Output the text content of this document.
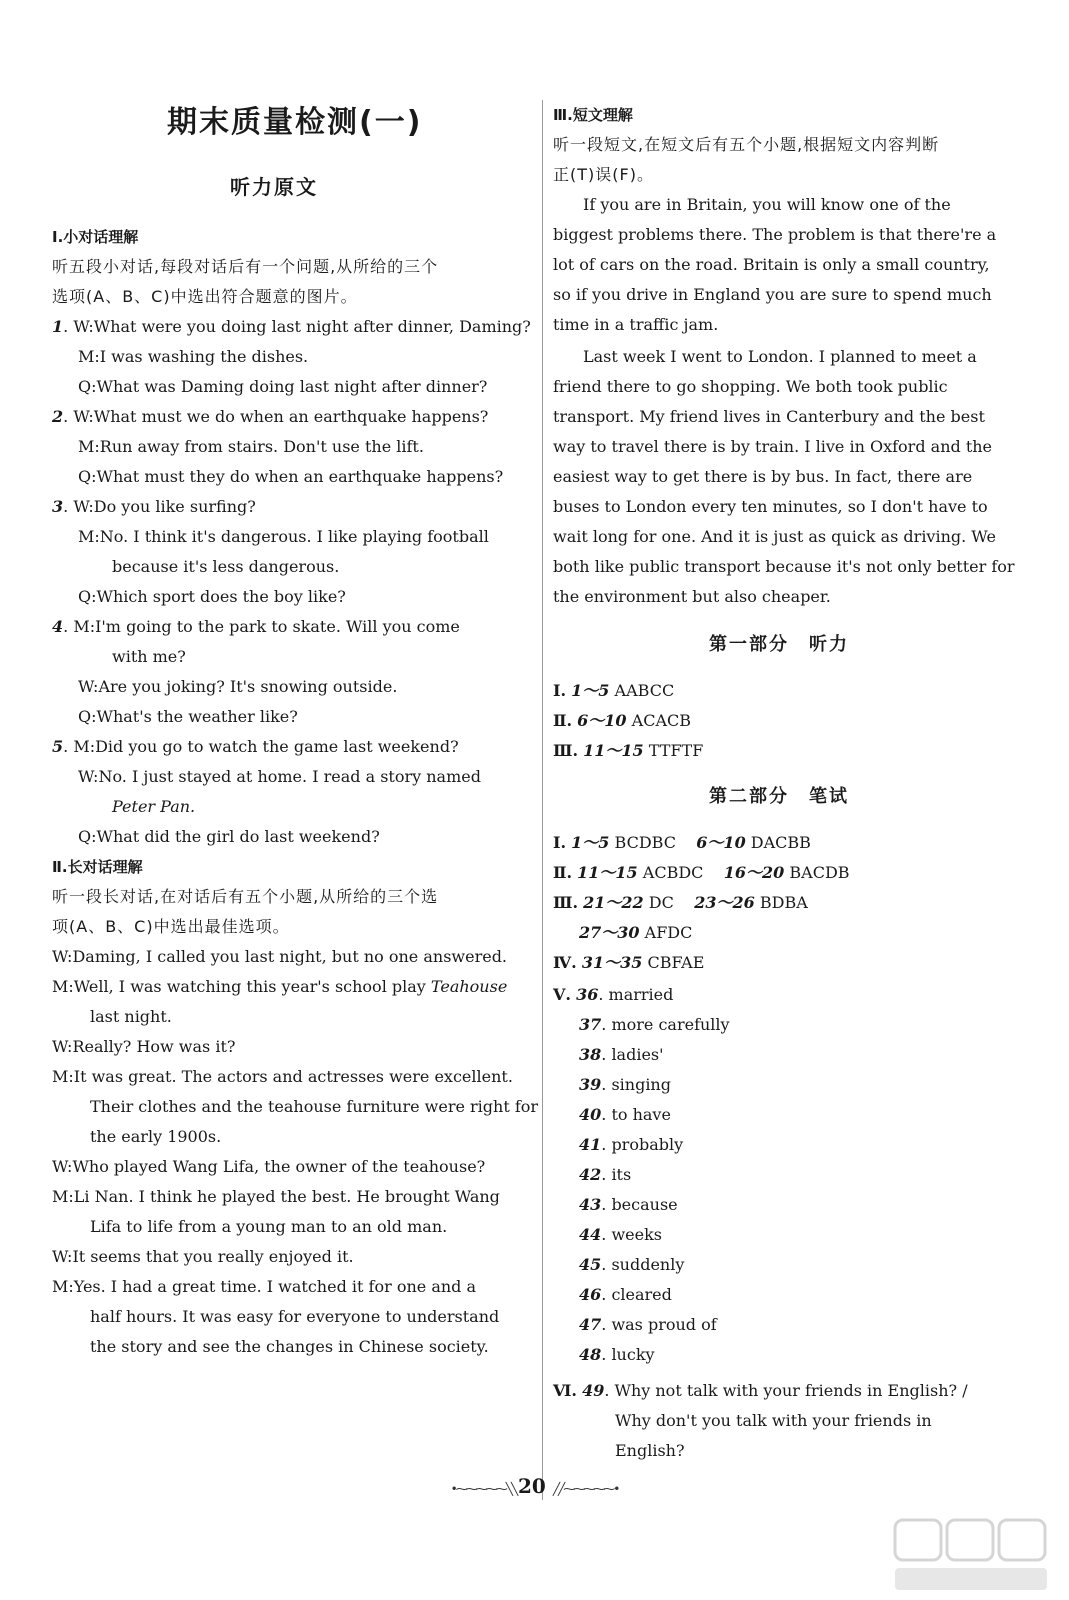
期末质量检测(一)
听力原文
Ⅰ.小对话理解
听五段小对话,每段对话后有一个问题,从所给的三个
选项(A、B、C)中选出符合题意的图片。
1. W:What were you doing last night after dinner, Daming?
M:I was washing the dishes.
Q:What was Daming doing last night after dinner?
2. W:What must we do when an earthquake happens?
M:Run away from stairs. Don't use the lift.
Q:What must they do when an earthquake happens?
3. W:Do you like surfing?
M:No. I think it's dangerous. I like playing football
because it's less dangerous.
Q:Which sport does the boy like?
4. M:I'm going to the park to skate. Will you come
with me?
W:Are you joking? It's snowing outside.
Q:What's the weather like?
5. M:Did you go to watch the game last weekend?
W:No. I just stayed at home. I read a story named
Peter Pan.
Q:What did the girl do last weekend?
Ⅱ.长对话理解
听一段长对话,在对话后有五个小题,从所给的三个选
项(A、B、C)中选出最佳选项。
W:Daming, I called you last night, but no one answered.
M:Well, I was watching this year's school play Teahouse
last night.
W:Really? How was it?
M:It was great. The actors and actresses were excellent.
Their clothes and the teahouse furniture were right for
the early 1900s.
W:Who played Wang Lifa, the owner of the teahouse?
M:Li Nan. I think he played the best. He brought Wang
Lifa to life from a young man to an old man.
W:It seems that you really enjoyed it.
M:Yes. I had a great time. I watched it for one and a
half hours. It was easy for everyone to understand
the story and see the changes in Chinese society.
Ⅲ.短文理解
听一段短文,在短文后有五个小题,根据短文内容判断
正(T)误(F)。
If you are in Britain, you will know one of the
biggest problems there. The problem is that there're a
lot of cars on the road. Britain is only a small country,
so if you drive in England you are sure to spend much
time in a traffic jam.
Last week I went to London. I planned to meet a
friend there to go shopping. We both took public
transport. My friend lives in Canterbury and the best
way to travel there is by train. I live in Oxford and the
easiest way to get there is by bus. In fact, there are
buses to London every ten minutes, so I don't have to
wait long for one. And it is just as quick as driving. We
both like public transport because it's not only better for
the environment but also cheaper.
第一部分　听力
Ⅰ. 1～5 AABCC
Ⅱ. 6～10 ACACB
Ⅲ. 11～15 TTFTF
第二部分　笔试
Ⅰ. 1～5 BCDBC 6～10 DACBB
Ⅱ. 11～15 ACBDC 16～20 BACDB
Ⅲ. 21～22 DC 23～26 BDBA
27～30 AFDC
Ⅳ. 31～35 CBFAE
Ⅴ. 36. married
37. more carefully
38. ladies'
39. singing
40. to have
41. probably
42. its
43. because
44. weeks
45. suddenly
46. cleared
47. was proud of
48. lucky
Ⅵ. 49. Why not talk with your friends in English? /
Why don't you talk with your friends in
English?
•⁓⁓⁓⁓⁓╲╲ 20 ╱╱⁓⁓⁓⁓⁓•
